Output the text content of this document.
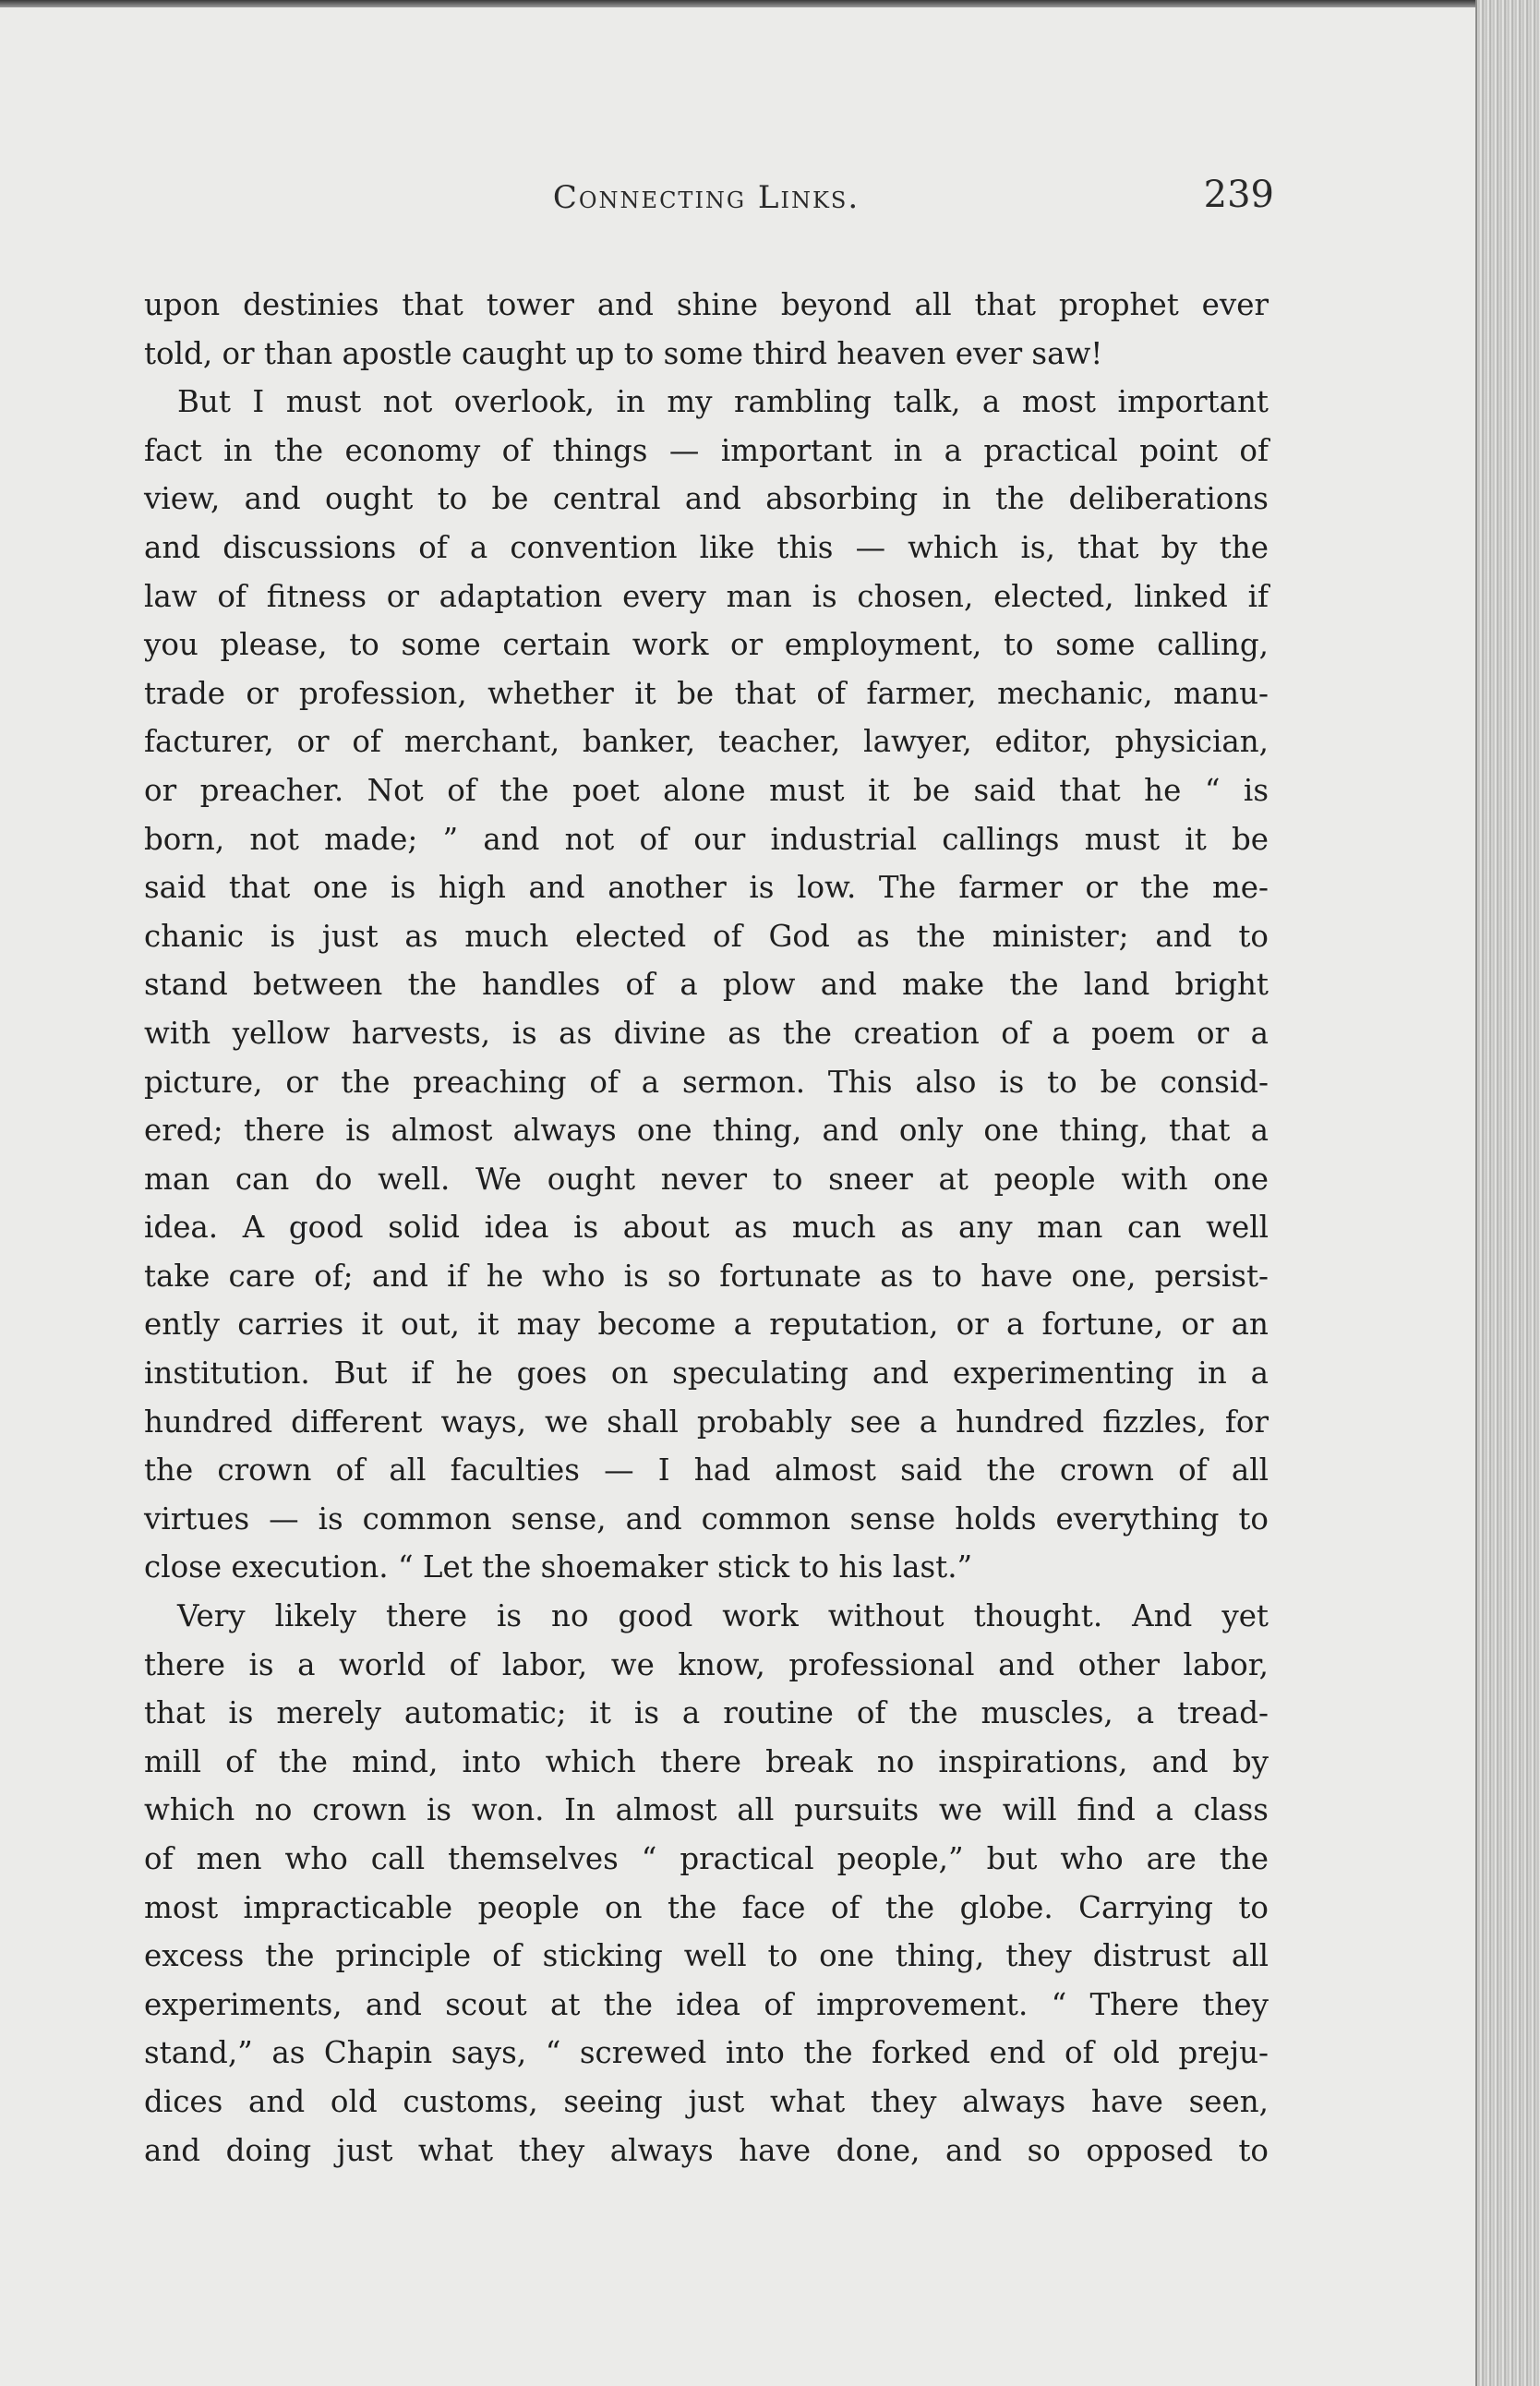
Connecting Links.	239

upon destinies that tower and shine beyond all that prophet ever

told, or than apostle caught up to some third heaven ever saw!

But I must not overlook, in my rambling talk, a most important

fact in the economy of things — important in a practical point of

view, and ought to be central and absorbing in the deliberations

and discussions of a convention like this — which is, that by the

law of fitness or adaptation every man is chosen, elected, linked if

you please, to some certain work or employment, to some calling,

trade or profession, whether it be that of farmer, mechanic, manu-

facturer, or of merchant, banker, teacher, lawyer, editor, physician,

or preacher. Not of the poet alone must it be said that he “ is

born, not made; ” and not of our industrial callings must it be

said that one is high and another is low. The farmer or the me-

chanic is just as much elected of God as the minister; and to

stand between the handles of a plow and make the land bright

with yellow harvests, is as divine as the creation of a poem or a

picture, or the preaching of a sermon. This also is to be consid-

ered; there is almost always one thing, and only one thing, that a

man can do well. We ought never to sneer at people with one

idea. A good solid idea is about as much as any man can well

take care of; and if he who is so fortunate as to have one, persist-

ently carries it out, it may become a reputation, or a fortune, or an

institution. But if he goes on speculating and experimenting in a

hundred different ways, we shall probably see a hundred fizzles, for

the crown of all faculties — I had almost said the crown of all

virtues — is common sense, and common sense holds everything to

close execution. “ Let the shoemaker stick to his last.”

Very likely there is no good work without thought. And yet

there is a world of labor, we know, professional and other labor,

that is merely automatic; it is a routine of the muscles, a tread-

mill of the mind, into which there break no inspirations, and by

which no crown is won. In almost all pursuits we will find a class

of men who call themselves “ practical people,” but who are the

most impracticable people on the face of the globe. Carrying to

excess the principle of sticking well to one thing, they distrust all

experiments, and scout at the idea of improvement. “ There they

stand,” as Chapin says, “ screwed into the forked end of old preju-

dices and old customs, seeing just what they always have seen,

and doing just what they always have done, and so opposed to
